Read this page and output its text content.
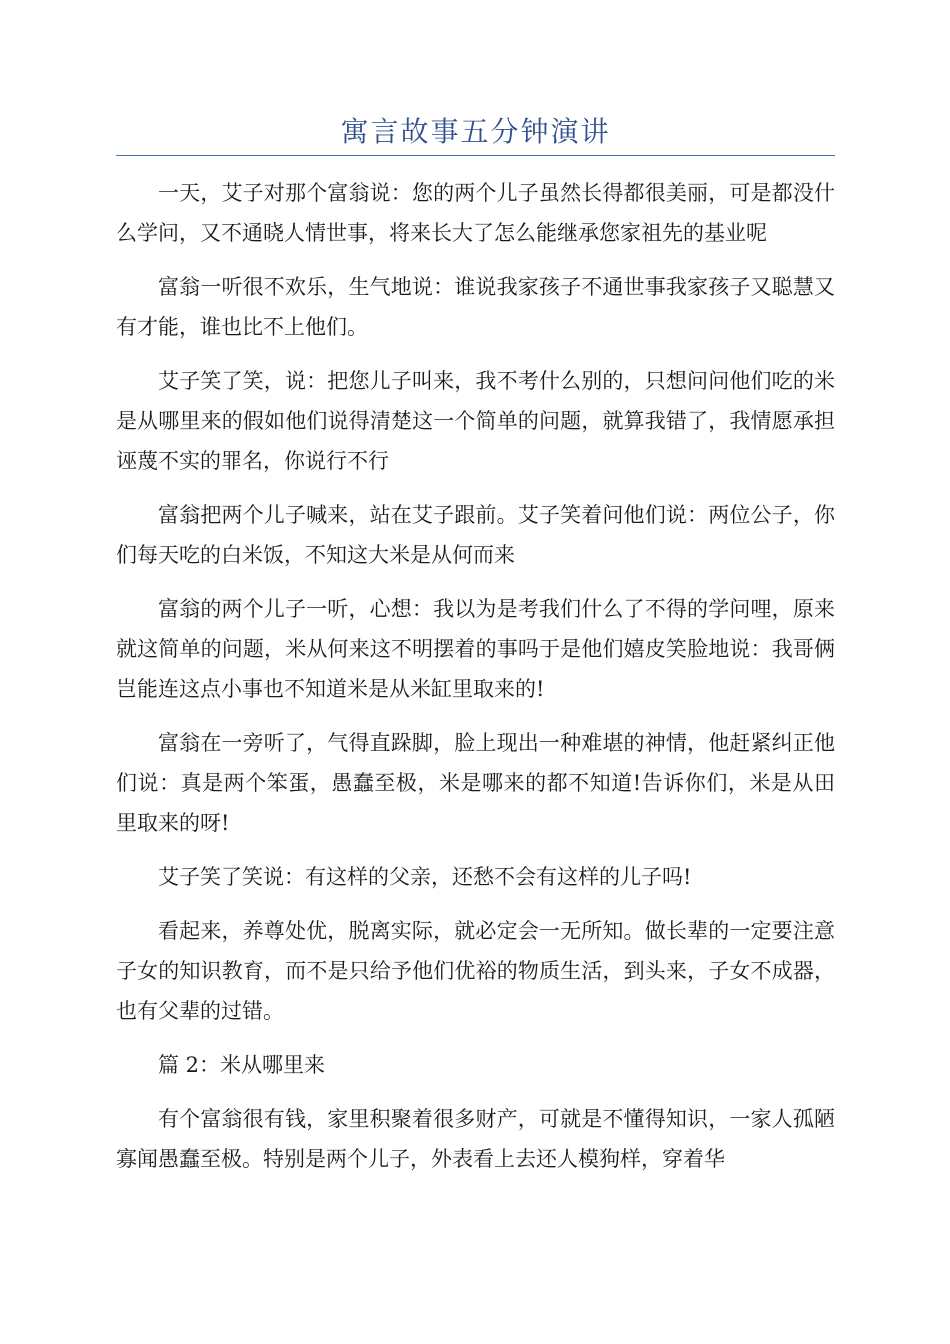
寓言故事五分钟演讲

一天，艾子对那个富翁说：您的两个儿子虽然长得都很美丽，可是都没什么学问，又不通晓人情世事，将来长大了怎么能继承您家祖先的基业呢

富翁一听很不欢乐，生气地说：谁说我家孩子不通世事我家孩子又聪慧又有才能，谁也比不上他们。

艾子笑了笑，说：把您儿子叫来，我不考什么别的，只想问问他们吃的米是从哪里来的假如他们说得清楚这一个简单的问题，就算我错了，我情愿承担诬蔑不实的罪名，你说行不行

富翁把两个儿子喊来，站在艾子跟前。艾子笑着问他们说：两位公子，你们每天吃的白米饭，不知这大米是从何而来

富翁的两个儿子一听，心想：我以为是考我们什么了不得的学问哩，原来就这简单的问题，米从何来这不明摆着的事吗于是他们嬉皮笑脸地说：我哥俩岂能连这点小事也不知道米是从米缸里取来的!

富翁在一旁听了，气得直跺脚，脸上现出一种难堪的神情，他赶紧纠正他们说：真是两个笨蛋，愚蠢至极，米是哪来的都不知道!告诉你们，米是从田里取来的呀!

艾子笑了笑说：有这样的父亲，还愁不会有这样的儿子吗!

看起来，养尊处优，脱离实际，就必定会一无所知。做长辈的一定要注意子女的知识教育，而不是只给予他们优裕的物质生活，到头来，子女不成器，也有父辈的过错。

篇 2：米从哪里来

有个富翁很有钱，家里积聚着很多财产，可就是不懂得知识，一家人孤陋寡闻愚蠢至极。特别是两个儿子，外表看上去还人模狗样，穿着华
